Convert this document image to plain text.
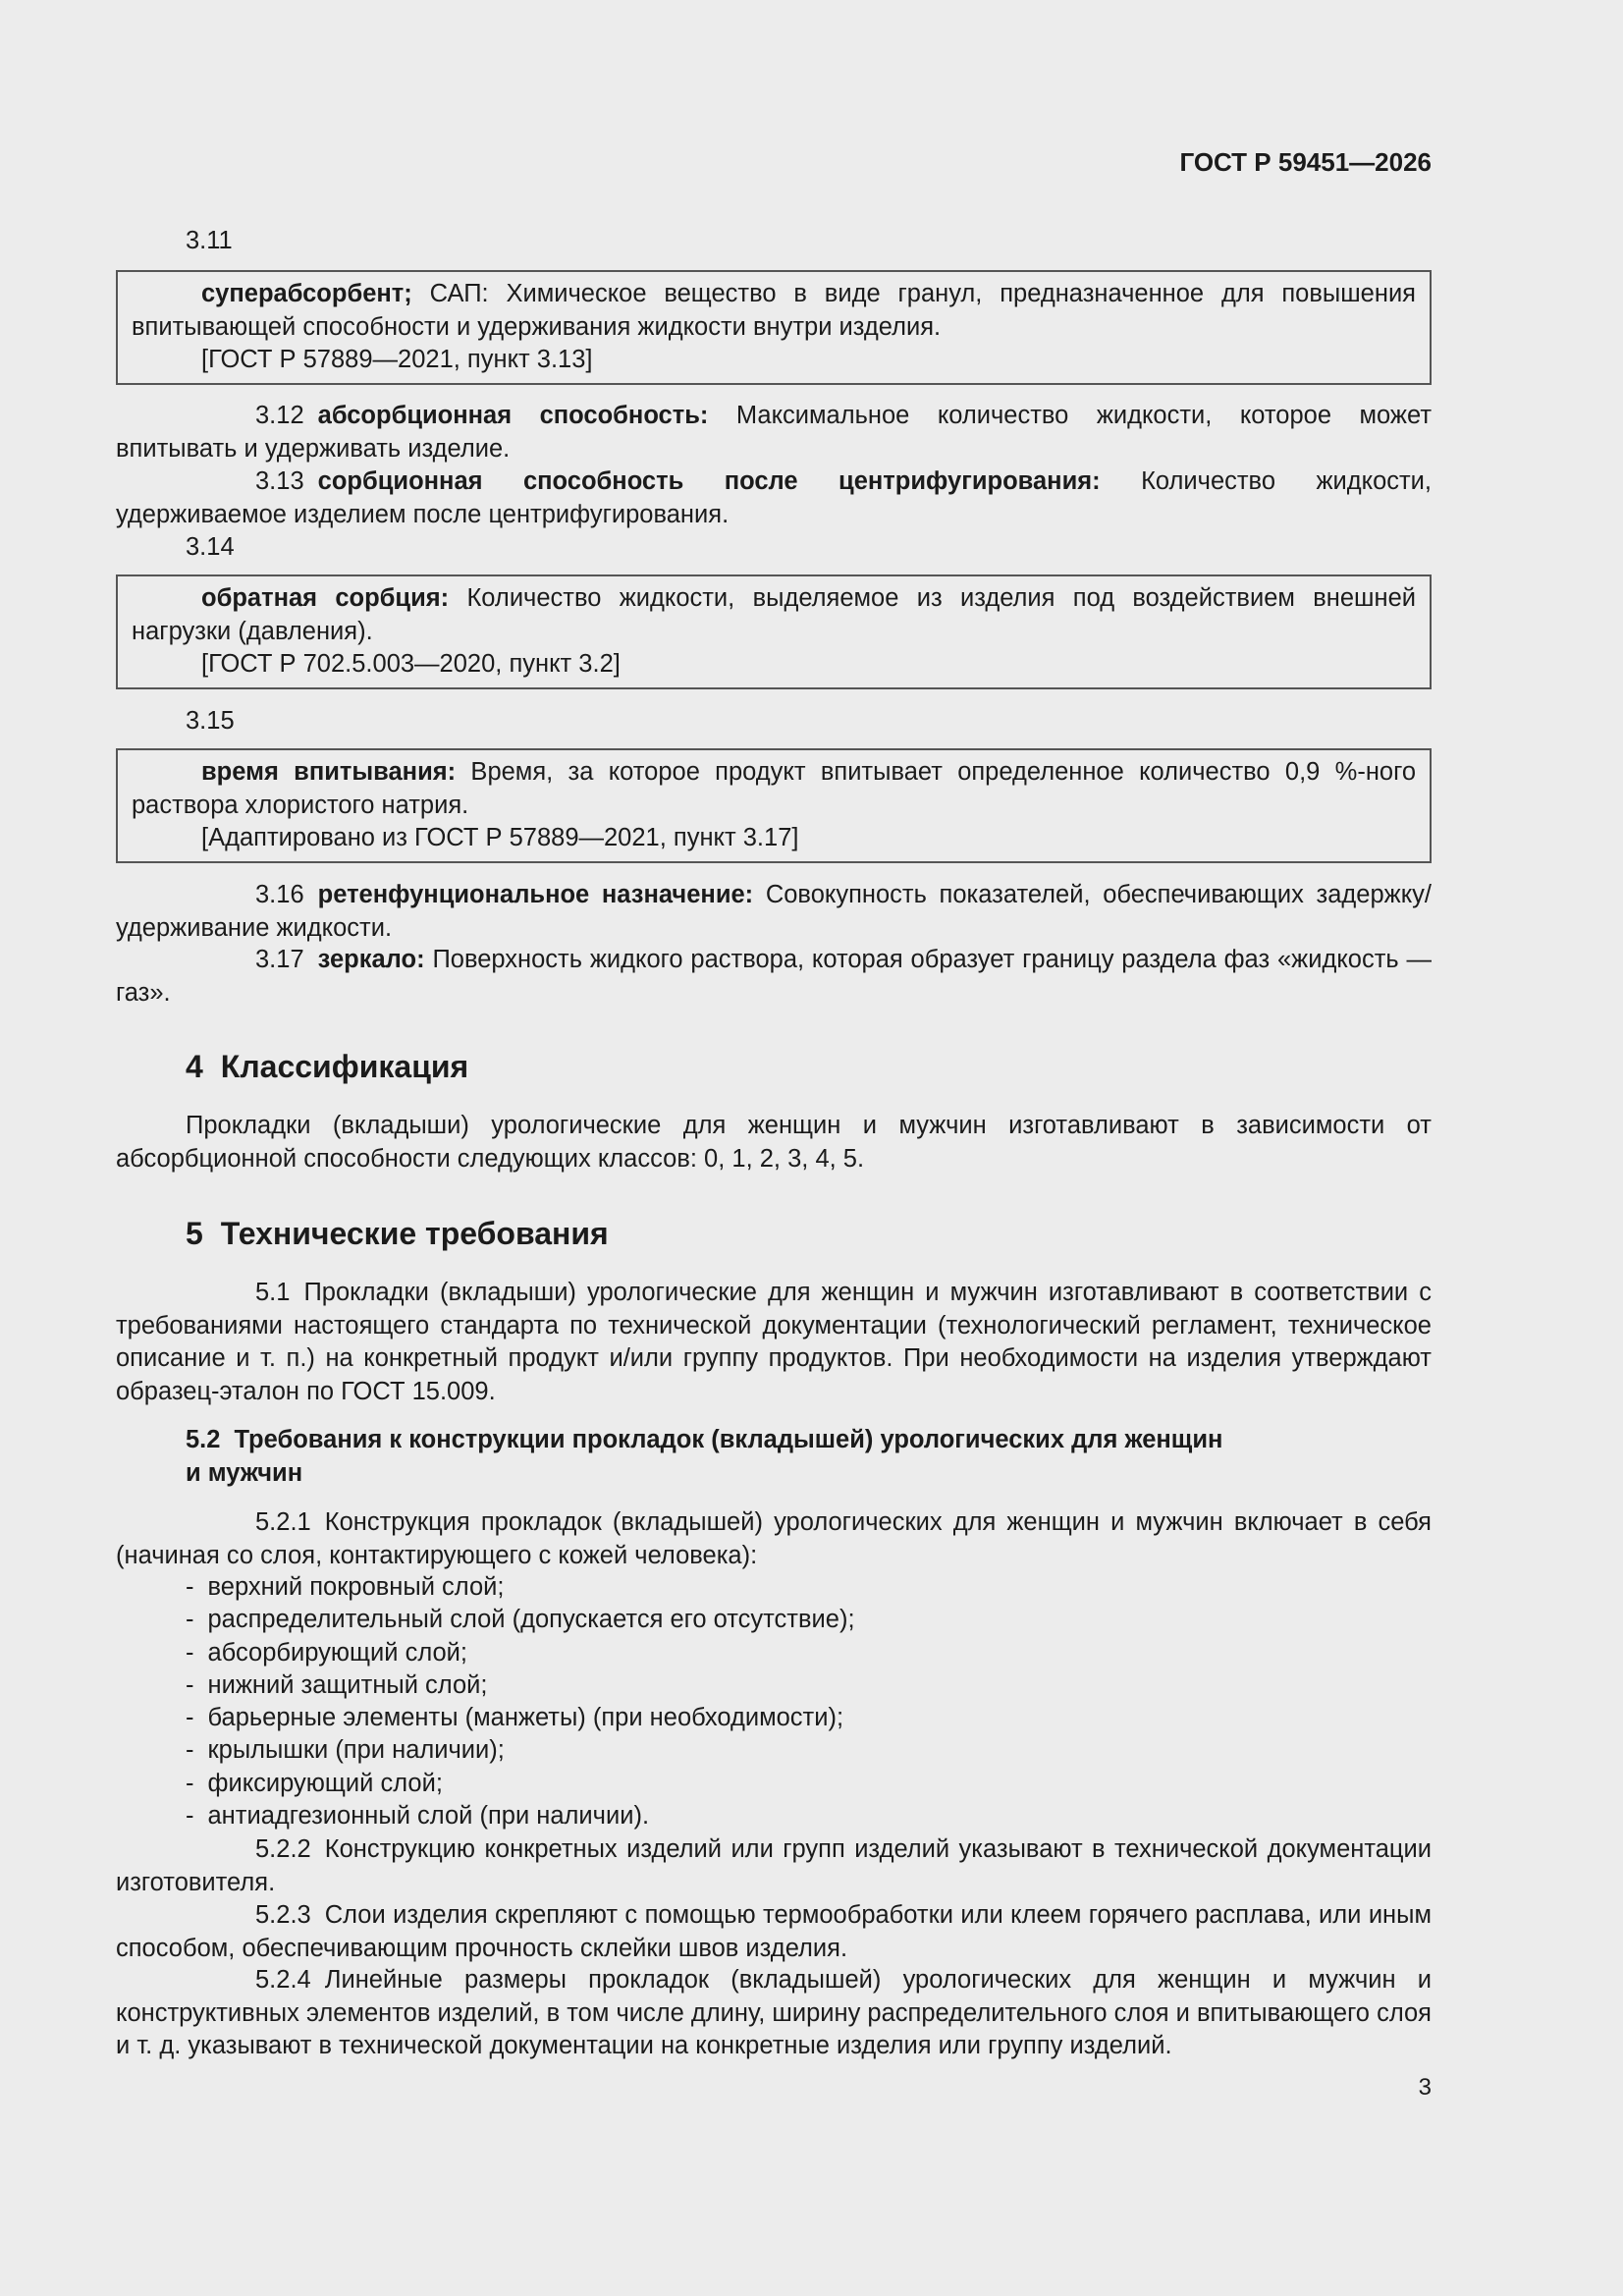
ГОСТ Р 59451—2026

3.11

суперабсорбент; САП: Химическое вещество в виде гранул, предназначенное для повышения впитывающей способности и удерживания жидкости внутри изделия.

[ГОСТ Р 57889—2021, пункт 3.13]

3.12 абсорбционная способность: Максимальное количество жидкости, которое может впитывать и удерживать изделие.

3.13 сорбционная способность после центрифугирования: Количество жидкости, удерживаемое изделием после центрифугирования.

3.14

обратная сорбция: Количество жидкости, выделяемое из изделия под воздействием внешней нагрузки (давления).

[ГОСТ Р 702.5.003—2020, пункт 3.2]

3.15

время впитывания: Время, за которое продукт впитывает определенное количество 0,9 %-ного раствора хлористого натрия.

[Адаптировано из ГОСТ Р 57889—2021, пункт 3.17]

3.16 ретенфунциональное назначение: Совокупность показателей, обеспечивающих задержку/удерживание жидкости.

3.17 зеркало: Поверхность жидкого раствора, которая образует границу раздела фаз «жидкость — газ».

4 Классификация

Прокладки (вкладыши) урологические для женщин и мужчин изготавливают в зависимости от абсорбционной способности следующих классов: 0, 1, 2, 3, 4, 5.

5 Технические требования

5.1 Прокладки (вкладыши) урологические для женщин и мужчин изготавливают в соответствии с требованиями настоящего стандарта по технической документации (технологический регламент, техническое описание и т. п.) на конкретный продукт и/или группу продуктов. При необходимости на изделия утверждают образец-эталон по ГОСТ 15.009.

5.2 Требования к конструкции прокладок (вкладышей) урологических для женщин
и мужчин

5.2.1 Конструкция прокладок (вкладышей) урологических для женщин и мужчин включает в себя (начиная со слоя, контактирующего с кожей человека):

- верхний покровный слой;
- распределительный слой (допускается его отсутствие);
- абсорбирующий слой;
- нижний защитный слой;
- барьерные элементы (манжеты) (при необходимости);
- крылышки (при наличии);
- фиксирующий слой;
- антиадгезионный слой (при наличии).

5.2.2 Конструкцию конкретных изделий или групп изделий указывают в технической документации изготовителя.

5.2.3 Слои изделия скрепляют с помощью термообработки или клеем горячего расплава, или иным способом, обеспечивающим прочность склейки швов изделия.

5.2.4 Линейные размеры прокладок (вкладышей) урологических для женщин и мужчин и конструктивных элементов изделий, в том числе длину, ширину распределительного слоя и впитывающего слоя и т. д. указывают в технической документации на конкретные изделия или группу изделий.

3
